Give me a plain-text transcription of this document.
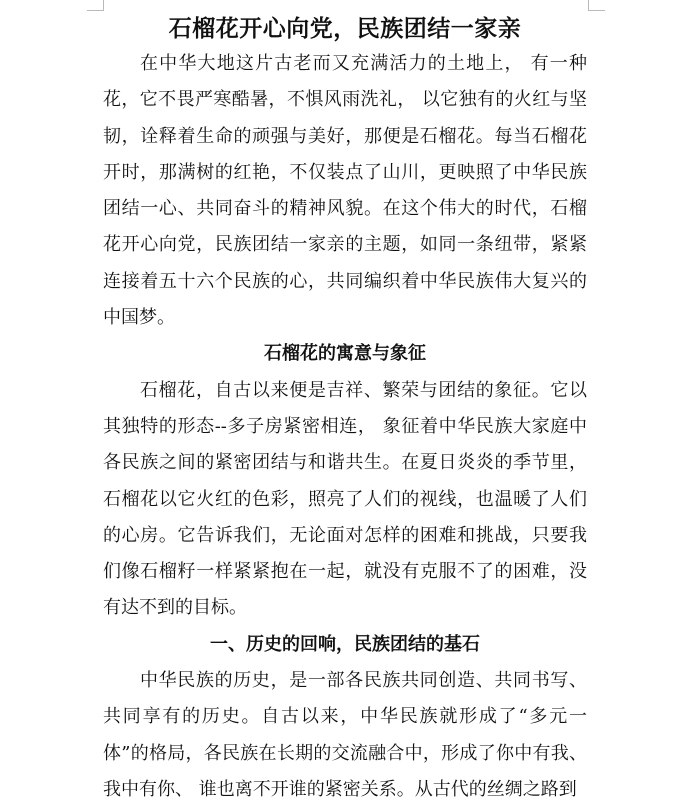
石榴花开心向党，民族团结一家亲

在中华大地这片古老而又充满活力的土地上， 有一种花，它不畏严寒酷暑，不惧风雨洗礼， 以它独有的火红与坚韧，诠释着生命的顽强与美好，那便是石榴花。每当石榴花开时，那满树的红艳，不仅装点了山川，更映照了中华民族团结一心、共同奋斗的精神风貌。在这个伟大的时代，石榴花开心向党，民族团结一家亲的主题，如同一条纽带，紧紧连接着五十六个民族的心，共同编织着中华民族伟大复兴的中国梦。

石榴花的寓意与象征

石榴花，自古以来便是吉祥、繁荣与团结的象征。它以其独特的形态--多子房紧密相连， 象征着中华民族大家庭中各民族之间的紧密团结与和谐共生。在夏日炎炎的季节里，石榴花以它火红的色彩，照亮了人们的视线，也温暖了人们的心房。它告诉我们，无论面对怎样的困难和挑战，只要我们像石榴籽一样紧紧抱在一起，就没有克服不了的困难，没有达不到的目标。

一、历史的回响，民族团结的基石

中华民族的历史，是一部各民族共同创造、共同书写、共同享有的历史。自古以来，中华民族就形成了“多元一体”的格局，各民族在长期的交流融合中，形成了你中有我、我中有你、 谁也离不开谁的紧密关系。从古代的丝绸之路到
